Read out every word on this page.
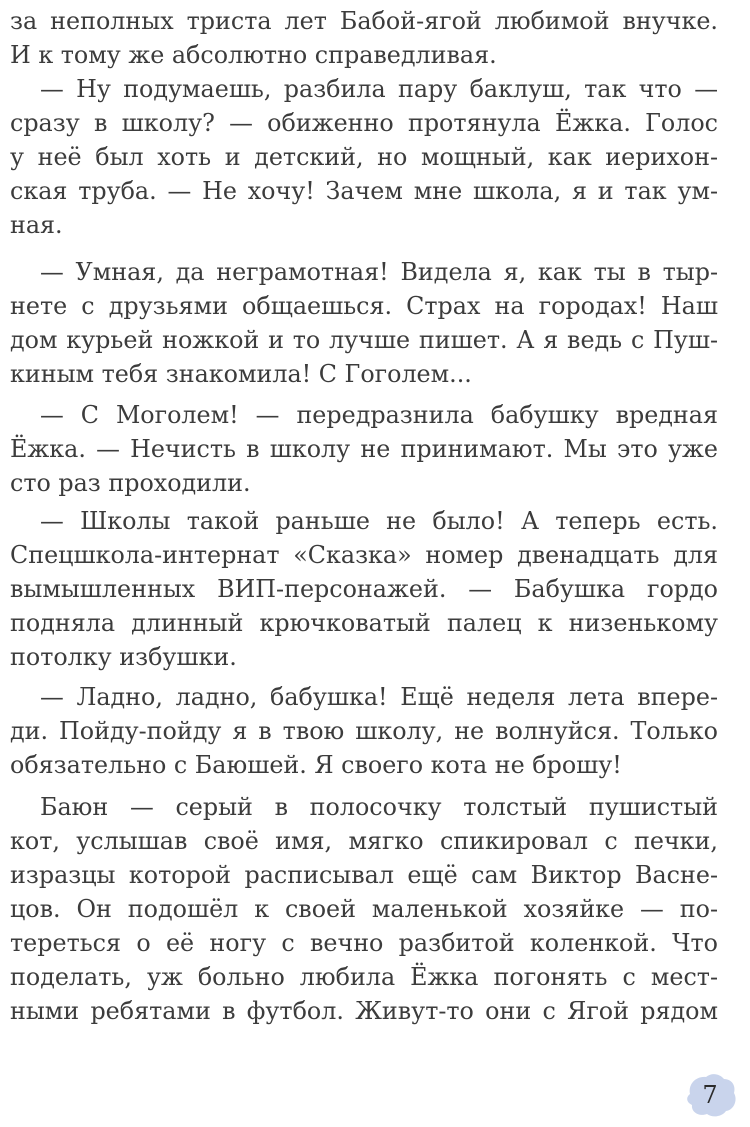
за неполных триста лет Бабой-ягой любимой внучке.
И к тому же абсолютно справедливая.
— Ну подумаешь, разбила пару баклуш, так что —
сразу в школу? — обиженно протянула Ёжка. Голос
у неё был хоть и детский, но мощный, как иерихон-
ская труба. — Не хочу! Зачем мне школа, я и так ум-
ная.
— Умная, да неграмотная! Видела я, как ты в тыр-
нете с друзьями общаешься. Страх на городах! Наш
дом курьей ножкой и то лучше пишет. А я ведь с Пуш-
киным тебя знакомила! С Гоголем...
— С Моголем! — передразнила бабушку вредная
Ёжка. — Нечисть в школу не принимают. Мы это уже
сто раз проходили.
— Школы такой раньше не было! А теперь есть.
Спецшкола-интернат «Сказка» номер двенадцать для
вымышленных ВИП-персонажей. — Бабушка гордо
подняла длинный крючковатый палец к низенькому
потолку избушки.
— Ладно, ладно, бабушка! Ещё неделя лета впере-
ди. Пойду-пойду я в твою школу, не волнуйся. Только
обязательно с Баюшей. Я своего кота не брошу!
Баюн — серый в полосочку толстый пушистый
кот, услышав своё имя, мягко спикировал с печки,
изразцы которой расписывал ещё сам Виктор Васне-
цов. Он подошёл к своей маленькой хозяйке — по-
тереться о её ногу с вечно разбитой коленкой. Что
поделать, уж больно любила Ёжка погонять с мест-
ными ребятами в футбол. Живут-то они с Ягой рядом
7
